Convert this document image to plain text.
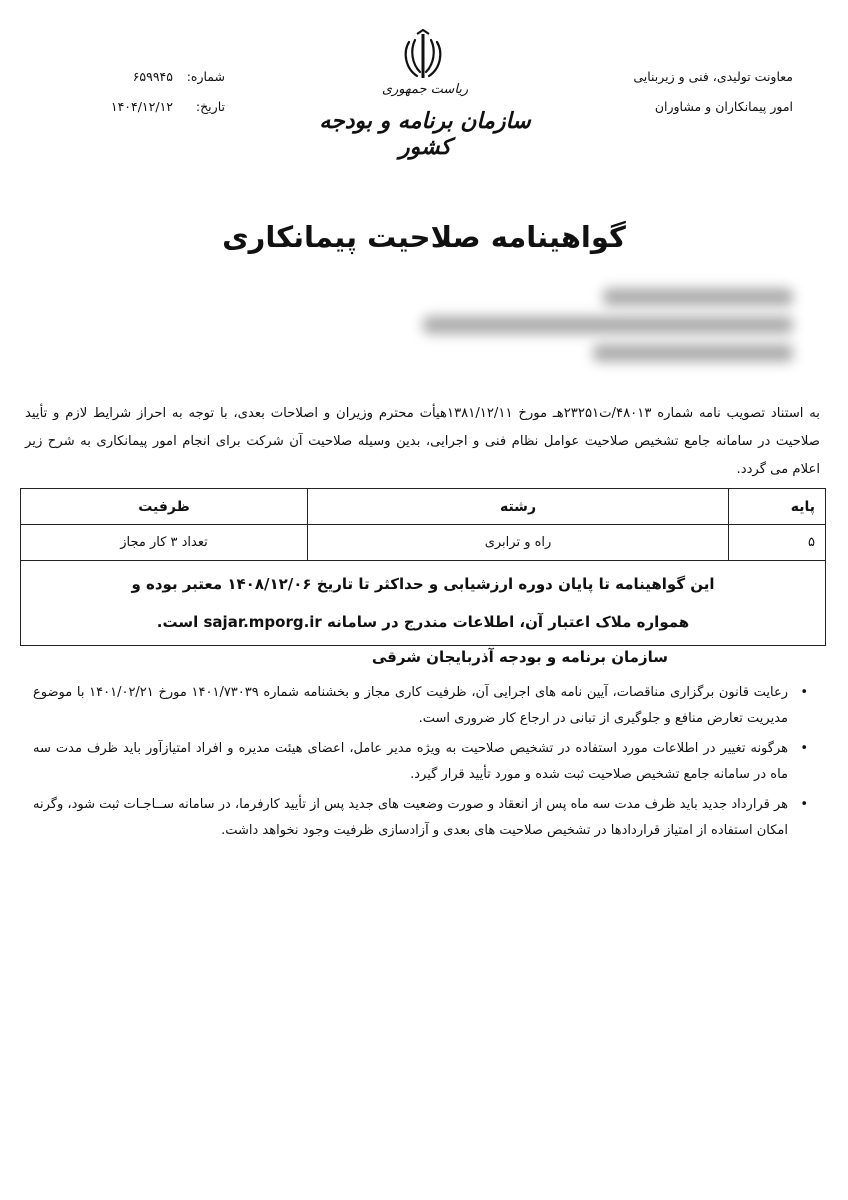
معاونت تولیدی، فنی و زیربنایی
امور پیمانکاران و مشاوران
ریاست جمهوری
سازمان برنامه و بودجه کشور
شماره:
۶۵۹۹۴۵
تاریخ:
۱۴۰۴/۱۲/۱۲
گواهینامه صلاحیت پیمانکاری
به استناد تصویب نامه شماره ۴۸۰۱۳/ت۲۳۲۵۱هـ مورخ ۱۳۸۱/۱۲/۱۱هیأت محترم وزیران و اصلاحات بعدی، با توجه به احراز شرایط لازم و تأیید صلاحیت در سامانه جامع تشخیص صلاحیت عوامل نظام فنی و اجرایی، بدین وسیله صلاحیت آن شرکت برای انجام امور پیمانکاری به شرح زیر اعلام می گردد.
پایه	رشته	ظرفیت
۵	راه و ترابری	تعداد ۳ کار مجاز

این گواهینامه تا پایان دوره ارزشیابی و حداکثر تا تاریخ ۱۴۰۸/۱۲/۰۶ معتبر بوده و
همواره ملاک اعتبار آن، اطلاعات مندرج در سامانه sajar.mporg.ir است.		
سازمان برنامه و بودجه آذربایجان شرقی
•
رعایت قانون برگزاری مناقصات، آیین نامه های اجرایی آن، ظرفیت کاری مجاز و بخشنامه شماره ۱۴۰۱/۷۳۰۳۹ مورخ ۱۴۰۱/۰۲/۲۱ با موضوع مدیریت تعارض منافع و جلوگیری از تبانی در ارجاع کار ضروری است.
•
هرگونه تغییر در اطلاعات مورد استفاده در تشخیص صلاحیت به ویژه مدیر عامل، اعضای هیئت مدیره و افراد امتیازآور باید ظرف مدت سه ماه در سامانه جامع تشخیص صلاحیت ثبت شده و مورد تأیید قرار گیرد.
•
هر قرارداد جدید باید ظرف مدت سه ماه پس از انعقاد و صورت وضعیت های جدید پس از تأیید کارفرما، در سامانه ســاجـات ثبت شود، وگرنه امکان استفاده از امتیاز قراردادها در تشخیص صلاحیت های بعدی و آزادسازی ظرفیت وجود نخواهد داشت.
